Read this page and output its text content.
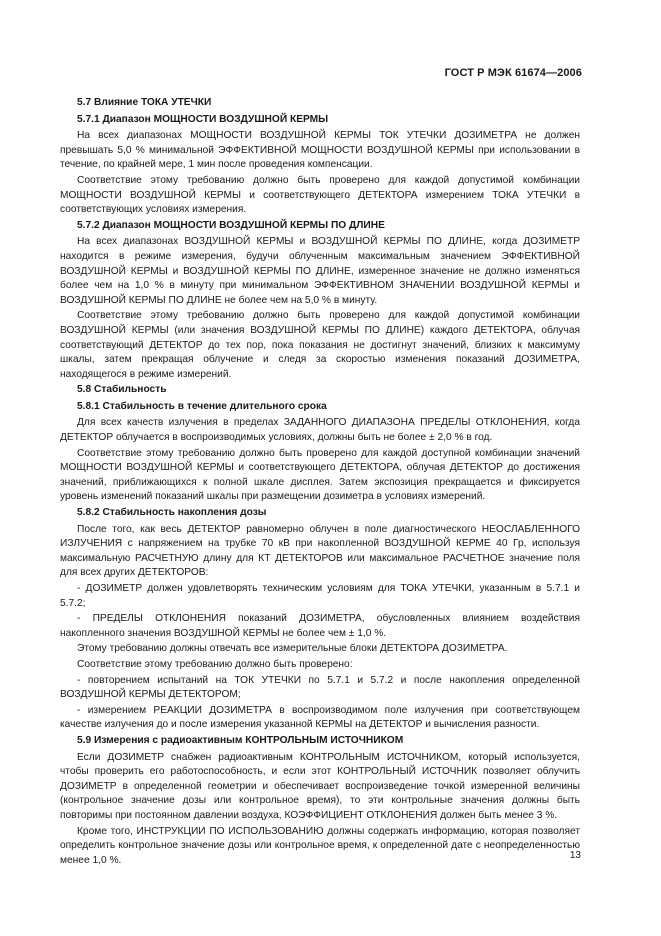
ГОСТ Р МЭК 61674—2006
5.7 Влияние ТОКА УТЕЧКИ
5.7.1 Диапазон МОЩНОСТИ ВОЗДУШНОЙ КЕРМЫ
На всех диапазонах МОЩНОСТИ ВОЗДУШНОЙ КЕРМЫ ТОК УТЕЧКИ ДОЗИМЕТРА не должен превышать 5,0 % минимальной ЭФФЕКТИВНОЙ МОЩНОСТИ ВОЗДУШНОЙ КЕРМЫ при использовании в течение, по крайней мере, 1 мин после проведения компенсации.
Соответствие этому требованию должно быть проверено для каждой допустимой комбинации МОЩНОСТИ ВОЗДУШНОЙ КЕРМЫ и соответствующего ДЕТЕКТОРА измерением ТОКА УТЕЧКИ в соответствующих условиях измерения.
5.7.2 Диапазон МОЩНОСТИ ВОЗДУШНОЙ КЕРМЫ ПО ДЛИНЕ
На всех диапазонах ВОЗДУШНОЙ КЕРМЫ и ВОЗДУШНОЙ КЕРМЫ ПО ДЛИНЕ, когда ДОЗИМЕТР находится в режиме измерения, будучи облученным максимальным значением ЭФФЕКТИВНОЙ ВОЗДУШНОЙ КЕРМЫ и ВОЗДУШНОЙ КЕРМЫ ПО ДЛИНЕ, измеренное значение не должно изменяться более чем на 1,0 % в минуту при минимальном ЭФФЕКТИВНОМ ЗНАЧЕНИИ ВОЗДУШНОЙ КЕРМЫ и ВОЗДУШНОЙ КЕРМЫ ПО ДЛИНЕ не более чем на 5,0 % в минуту.
Соответствие этому требованию должно быть проверено для каждой допустимой комбинации ВОЗДУШНОЙ КЕРМЫ (или значения ВОЗДУШНОЙ КЕРМЫ ПО ДЛИНЕ) каждого ДЕТЕКТОРА, облучая соответствующий ДЕТЕКТОР до тех пор, пока показания не достигнут значений, близких к максимуму шкалы, затем прекращая облучение и следя за скоростью изменения показаний ДОЗИМЕТРА, находящегося в режиме измерений.
5.8 Стабильность
5.8.1 Стабильность в течение длительного срока
Для всех качеств излучения в пределах ЗАДАННОГО ДИАПАЗОНА ПРЕДЕЛЫ ОТКЛОНЕНИЯ, когда ДЕТЕКТОР облучается в воспроизводимых условиях, должны быть не более ± 2,0 % в год.
Соответствие этому требованию должно быть проверено для каждой доступной комбинации значений МОЩНОСТИ ВОЗДУШНОЙ КЕРМЫ и соответствующего ДЕТЕКТОРА, облучая ДЕТЕКТОР до достижения значений, приближающихся к полной шкале дисплея. Затем экспозиция прекращается и фиксируется уровень изменений показаний шкалы при размещении дозиметра в условиях измерений.
5.8.2 Стабильность накопления дозы
После того, как весь ДЕТЕКТОР равномерно облучен в поле диагностического НЕОСЛАБЛЕННОГО ИЗЛУЧЕНИЯ с напряжением на трубке 70 кВ при накопленной ВОЗДУШНОЙ КЕРМЕ 40 Гр, используя максимальную РАСЧЕТНУЮ длину для КТ ДЕТЕКТОРОВ или максимальное РАСЧЕТНОЕ значение поля для всех других ДЕТЕКТОРОВ:
- ДОЗИМЕТР должен удовлетворять техническим условиям для ТОКА УТЕЧКИ, указанным в 5.7.1 и 5.7.2;
- ПРЕДЕЛЫ ОТКЛОНЕНИЯ показаний ДОЗИМЕТРА, обусловленных влиянием воздействия накопленного значения ВОЗДУШНОЙ КЕРМЫ не более чем ± 1,0 %.
Этому требованию должны отвечать все измерительные блоки ДЕТЕКТОРА ДОЗИМЕТРА.
Соответствие этому требованию должно быть проверено:
- повторением испытаний на ТОК УТЕЧКИ по 5.7.1 и 5.7.2 и после накопления определенной ВОЗДУШНОЙ КЕРМЫ ДЕТЕКТОРОМ;
- измерением РЕАКЦИИ ДОЗИМЕТРА в воспроизводимом поле излучения при соответствующем качестве излучения до и после измерения указанной КЕРМЫ на ДЕТЕКТОР и вычисления разности.
5.9 Измерения с радиоактивным КОНТРОЛЬНЫМ ИСТОЧНИКОМ
Если ДОЗИМЕТР снабжен радиоактивным КОНТРОЛЬНЫМ ИСТОЧНИКОМ, который используется, чтобы проверить его работоспособность, и если этот КОНТРОЛЬНЫЙ ИСТОЧНИК позволяет облучить ДОЗИМЕТР в определенной геометрии и обеспечивает воспроизведение точкой измеренной величины (контрольное значение дозы или контрольное время), то эти контрольные значения должны быть повторимы при постоянном давлении воздуха, КОЭФФИЦИЕНТ ОТКЛОНЕНИЯ должен быть менее 3 %.
Кроме того, ИНСТРУКЦИИ ПО ИСПОЛЬЗОВАНИЮ должны содержать информацию, которая позволяет определить контрольное значение дозы или контрольное время, к определенной дате с неопределенностью менее 1,0 %.	13
